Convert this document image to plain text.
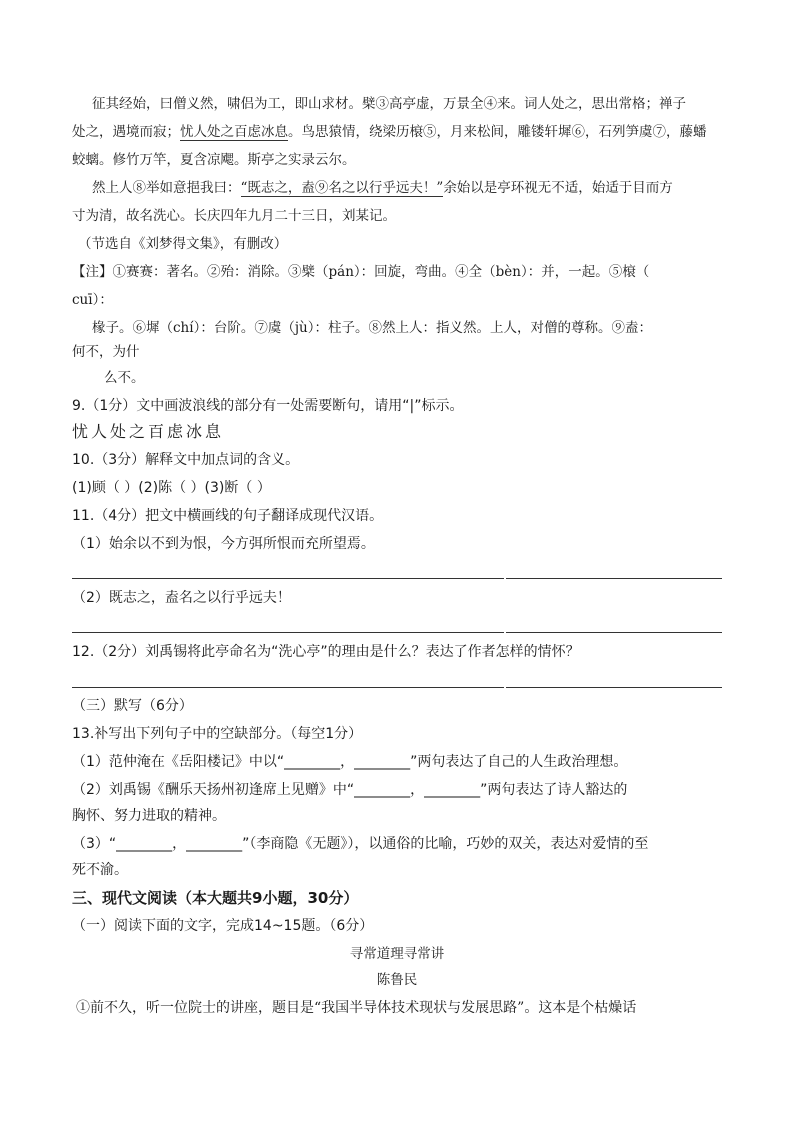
征其经始，曰僧义然，啸侣为工，即山求材。檗③高亭虚，万景全④来。词人处之，思出常格；禅子
处之，遇境而寂；忧人处之百虑冰息。鸟思猿情，绕梁历榱⑤，月来松间，雕镂轩墀⑥，石列笋虞⑦，藤蟠
蛟螭。修竹万竿，夏含凉飔。斯亭之实录云尔。
然上人⑧举如意挹我曰：“既志之，盍⑨名之以行乎远夫！”余始以是亭环视无不适，始适于目而方
寸为清，故名洗心。长庆四年九月二十三日，刘某记。
（节选自《刘梦得文集》，有删改）
【注】①赛赛：著名。②殆：消除。③檗（pán）：回旋，弯曲。④全（bèn）：并，一起。⑤榱（
cuī）：
椽子。⑥墀（chí）：台阶。⑦虞（jù）：柱子。⑧然上人：指义然。上人，对僧的尊称。⑨盍：
何不，为什
么不。
9.（1分）文中画波浪线的部分有一处需要断句，请用“|”标示。
忧人处之百虑冰息
10.（3分）解释文中加点词的含义。
(1)顾（ ）(2)陈（ ）(3)断（ ）
11.（4分）把文中横画线的句子翻译成现代汉语。
（1）始余以不到为恨，今方弭所恨而充所望焉。
（2）既志之，盍名之以行乎远夫！
12.（2分）刘禹锡将此亭命名为“洗心亭”的理由是什么？表达了作者怎样的情怀？
（三）默写（6分）
13.补写出下列句子中的空缺部分。（每空1分）
（1）范仲淹在《岳阳楼记》中以“________，________”两句表达了自己的人生政治理想。
（2）刘禹锡《酬乐天扬州初逢席上见赠》中“________，________”两句表达了诗人豁达的
胸怀、努力进取的精神。
（3）“________，________”（李商隐《无题》），以通俗的比喻，巧妙的双关，表达对爱情的至
死不渝。
三、现代文阅读（本大题共9小题，30分）
（一）阅读下面的文字，完成14~15题。（6分）
寻常道理寻常讲
陈鲁民
①前不久，听一位院士的讲座，题目是“我国半导体技术现状与发展思路”。这本是个枯燥话
